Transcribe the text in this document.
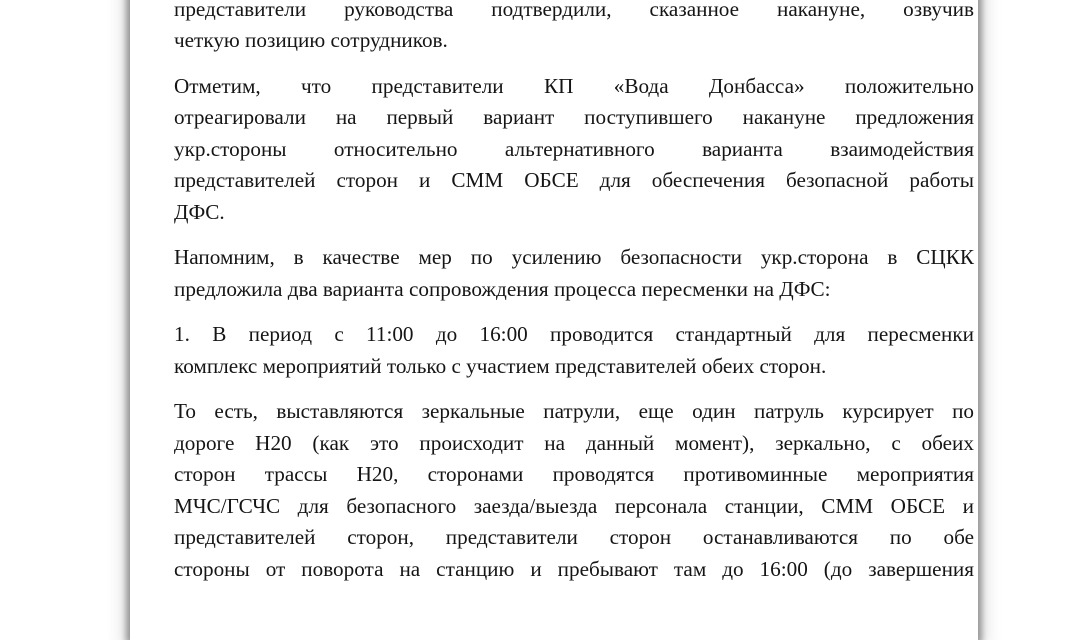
представители руководства подтвердили, сказанное накануне, озвучив
четкую позицию сотрудников.
Отметим, что представители КП «Вода Донбасса» положительно
отреагировали на первый вариант поступившего накануне предложения
укр.стороны относительно альтернативного варианта взаимодействия
представителей сторон и СММ ОБСЕ для обеспечения безопасной работы
ДФС.
Напомним, в качестве мер по усилению безопасности укр.сторона в СЦКК
предложила два варианта сопровождения процесса пересменки на ДФС:
1. В период с 11:00 до 16:00 проводится стандартный для пересменки
комплекс мероприятий только с участием представителей обеих сторон.
То есть, выставляются зеркальные патрули, еще один патруль курсирует по
дороге Н20 (как это происходит на данный момент), зеркально, с обеих
сторон трассы Н20, сторонами проводятся противоминные мероприятия
МЧС/ГСЧС для безопасного заезда/выезда персонала станции, СММ ОБСЕ и
представителей сторон, представители сторон останавливаются по обе
стороны от поворота на станцию и пребывают там до 16:00 (до завершения
